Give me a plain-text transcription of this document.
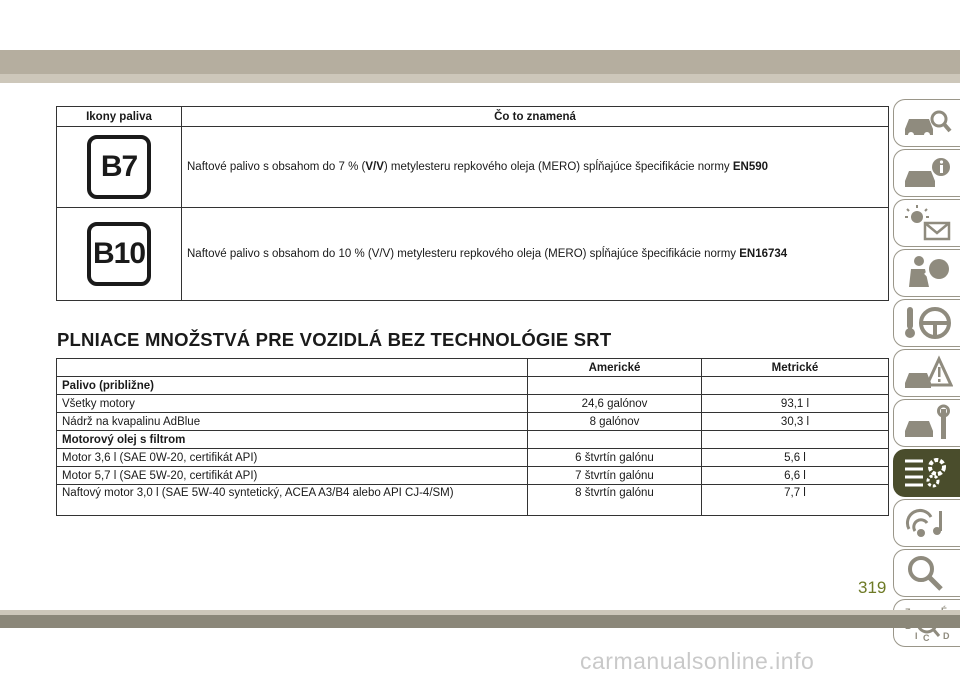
Ikony paliva	Čo to znamená
B7	Naftové palivo s obsahom do 7 % (V/V) metylesteru repkového oleja (MERO) spĺňajúce špecifikácie normy EN590
B10	Naftové palivo s obsahom do 10 % (V/V) metylesteru repkového oleja (MERO) spĺňajúce špecifikácie normy EN16734
PLNIACE MNOŽSTVÁ PRE VOZIDLÁ BEZ TECHNOLÓGIE SRT
	Americké	Metrické
Palivo (približne)		
Všetky motory	24,6 galónov	93,1 l
Nádrž na kvapalinu AdBlue	8 galónov	30,3 l
Motorový olej s filtrom		
Motor 3,6 l (SAE 0W-20, certifikát API)	6 štvrtín galónu	5,6 l
Motor 5,7 l (SAE 5W-20, certifikát API)	7 štvrtín galónu	6,6 l
Naftový motor 3,0 l (SAE 5W-40 syntetický, ACEA A3/B4 alebo API CJ-4/SM)	8 štvrtín galónu	7,7 l
I C D
319
carmanualsonline.info
